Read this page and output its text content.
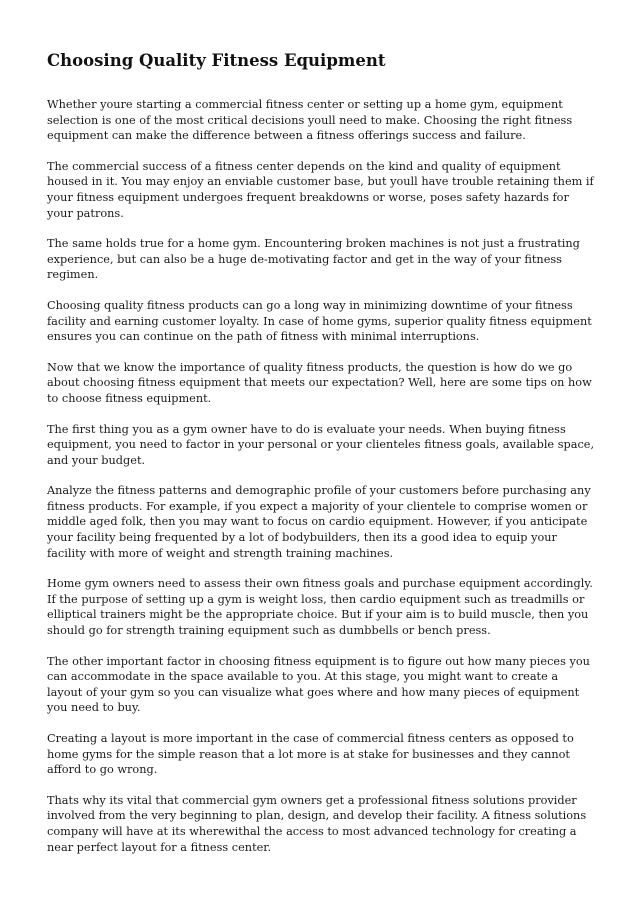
Choosing Quality Fitness Equipment

Whether youre starting a commercial fitness center or setting up a home gym, equipment selection is one of the most critical decisions youll need to make. Choosing the right fitness equipment can make the difference between a fitness offerings success and failure.

The commercial success of a fitness center depends on the kind and quality of equipment housed in it. You may enjoy an enviable customer base, but youll have trouble retaining them if your fitness equipment undergoes frequent breakdowns or worse, poses safety hazards for your patrons.

The same holds true for a home gym. Encountering broken machines is not just a frustrating experience, but can also be a huge de-motivating factor and get in the way of your fitness regimen.

Choosing quality fitness products can go a long way in minimizing downtime of your fitness facility and earning customer loyalty. In case of home gyms, superior quality fitness equipment ensures you can continue on the path of fitness with minimal interruptions.

Now that we know the importance of quality fitness products, the question is how do we go about choosing fitness equipment that meets our expectation? Well, here are some tips on how to choose fitness equipment.

The first thing you as a gym owner have to do is evaluate your needs. When buying fitness equipment, you need to factor in your personal or your clienteles fitness goals, available space, and your budget.

Analyze the fitness patterns and demographic profile of your customers before purchasing any fitness products. For example, if you expect a majority of your clientele to comprise women or middle aged folk, then you may want to focus on cardio equipment. However, if you anticipate your facility being frequented by a lot of bodybuilders, then its a good idea to equip your facility with more of weight and strength training machines.

Home gym owners need to assess their own fitness goals and purchase equipment accordingly. If the purpose of setting up a gym is weight loss, then cardio equipment such as treadmills or elliptical trainers might be the appropriate choice. But if your aim is to build muscle, then you should go for strength training equipment such as dumbbells or bench press.

The other important factor in choosing fitness equipment is to figure out how many pieces you can accommodate in the space available to you. At this stage, you might want to create a layout of your gym so you can visualize what goes where and how many pieces of equipment you need to buy.

Creating a layout is more important in the case of commercial fitness centers as opposed to home gyms for the simple reason that a lot more is at stake for businesses and they cannot afford to go wrong.

Thats why its vital that commercial gym owners get a professional fitness solutions provider involved from the very beginning to plan, design, and develop their facility. A fitness solutions company will have at its wherewithal the access to most advanced technology for creating a near perfect layout for a fitness center.
